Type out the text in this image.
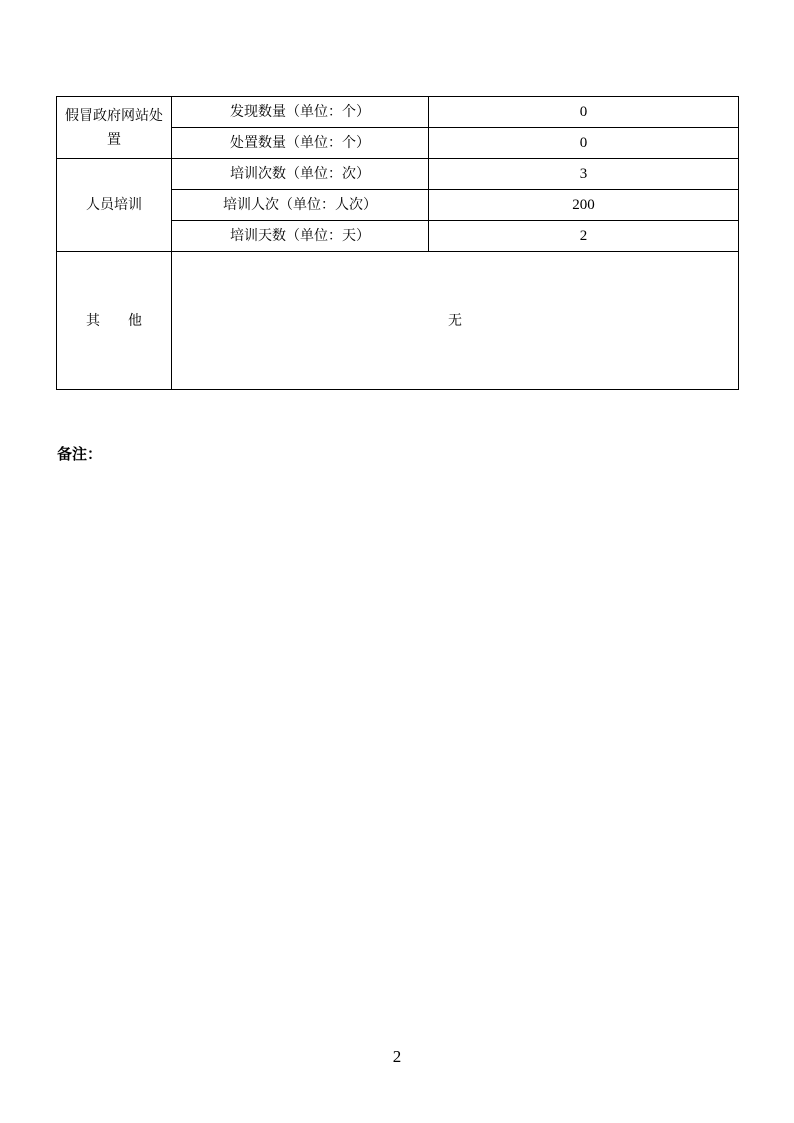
假冒政府网站处置	发现数量（单位：个）	0
	处置数量（单位：个）	0
人员培训	培训次数（单位：次）	3
	培训人次（单位：人次）	200
	培训天数（单位：天）	2
其　　他	无	
备注：
2
